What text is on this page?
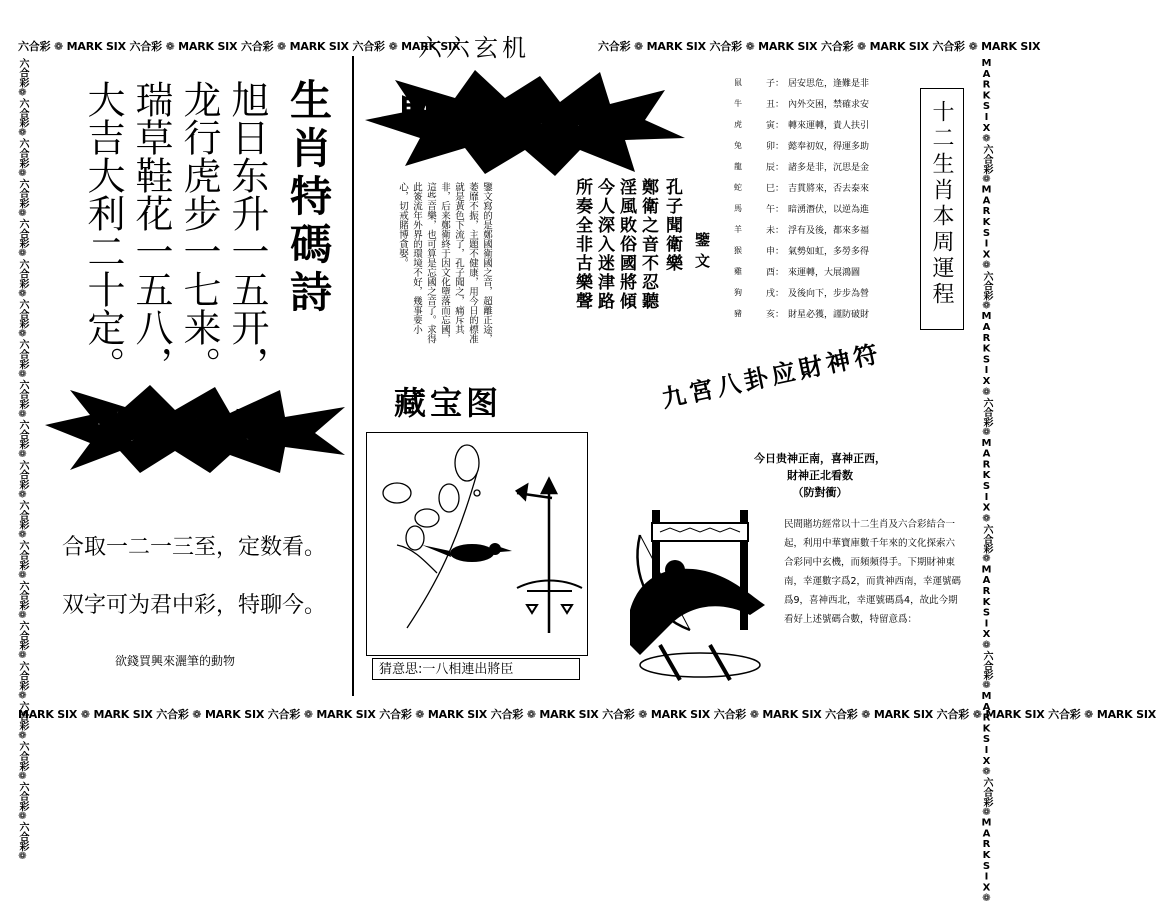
六合彩 ❁ MARK SIX 六合彩 ❁ MARK SIX 六合彩 ❁ MARK SIX 六合彩 ❁ MARK SIX
六六玄机	六合彩 ❁ MARK SIX 六合彩 ❁ MARK SIX 六合彩 ❁ MARK SIX 六合彩 ❁ MARK SIX
MARK SIX ❁ MARK SIX 六合彩 ❁ MARK SIX 六合彩 ❁ MARK SIX 六合彩 ❁ MARK SIX 六合彩 ❁ MARK SIX 六合彩 ❁ MARK SIX 六合彩 ❁ MARK SIX 六合彩 ❁ MARK SIX 六合彩 ❁ MARK SIX 六合彩 ❁ MARK SIX
六合彩❁六合彩❁六合彩❁六合彩❁六合彩❁六合彩❁六合彩❁六合彩❁六合彩❁六合彩❁六合彩❁六合彩❁六合彩❁六合彩❁六合彩❁六合彩❁六合彩❁六合彩❁六合彩❁六合彩❁	MARKSIX❁六合彩❁MARKSIX❁六合彩❁MARKSIX❁六合彩❁MARKSIX❁六合彩❁MARKSIX❁六合彩❁MARKSIX❁六合彩❁MARKSIX❁
生肖特碼詩
旭日东升一五开，
龙行虎步一七来。
瑞草鞋花一五八，
大吉大利二十定。
一句贏錢訣
合取一二一三至，定数看。
双字可为君中彩，特聊今。
欲錢買興來灑筆的動物
財神錦囊
孔子聞衛樂
鄭衛之音不忍聽
淫風敗俗國將傾
今人深入迷津路
所奏全非古樂聲	鑒文
鑒文寫的是鄭國衛國之音，超離正途，萎靡不振，主題不健康，用今日的標准就是黃色下流了，孔子聞之，痛斥其非，后来鄭衛終于因文化墮落而忘國，這些音樂，也可算是忘國之音了。求得此簽流年外界的環境不好，幾事要小心，切戒賭博貪娶。
鼠	子： 居安思危，逢難是非
牛	丑： 內外交困，禁確求安
虎	寅： 轉來運轉，貴人扶引
兔	卯： 懿奉初奴，得運多助
龍	辰： 諸多是非，沉思是金
蛇	巳： 吉貫將來，否去泰來
馬	午： 暗湧潛伏，以逆為進
羊	未： 浮有及後，都來多福
猴	申： 氣勢如虹，多勞多得
雞	酉： 來運轉，大展鴻圖
狗	戌： 及後向下，步步為營
豬	亥： 財星必獲，謹防破財
十二生肖本周運程
藏宝图
猜意思:一八相連出將臣
九宮八卦应財神符
今日贵神正南，喜神正西，
財神正北看数
（防對衝）
民間賭坊經常以十二生肖及六合彩結合一起，利用中華寶庫數千年來的文化探索六合彩同中玄機，而頻頻得手。下期財神東南，幸運數字爲2，而貴神西南，幸運號碼爲9，喜神西北，幸運號碼爲4，故此今期看好上述號碼合數，特留意爲：
